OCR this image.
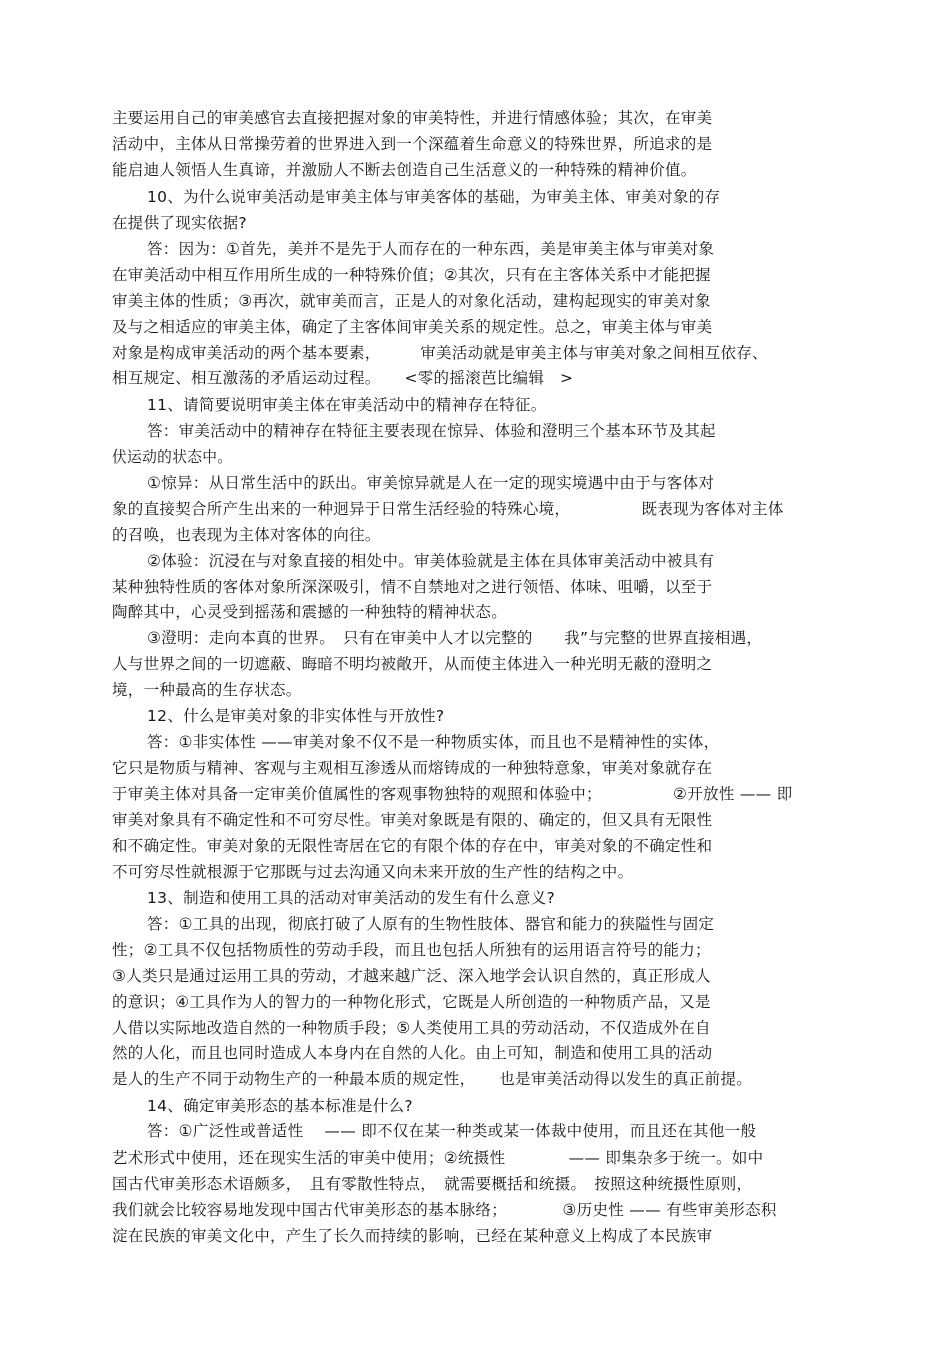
主要运用自己的审美感官去直接把握对象的审美特性，并进行情感体验；其次，在审美
活动中，主体从日常操劳着的世界进入到一个深蕴着生命意义的特殊世界，所追求的是
能启迪人领悟人生真谛，并激励人不断去创造自己生活意义的一种特殊的精神价值。
10、为什么说审美活动是审美主体与审美客体的基础，为审美主体、审美对象的存
在提供了现实依据?
答：因为：①首先，美并不是先于人而存在的一种东西，美是审美主体与审美对象
在审美活动中相互作用所生成的一种特殊价值；②其次，只有在主客体关系中才能把握
审美主体的性质；③再次，就审美而言，正是人的对象化活动，建构起现实的审美对象
及与之相适应的审美主体，确定了主客体间审美关系的规定性。总之，审美主体与审美
对象是构成审美活动的两个基本要素，　　　审美活动就是审美主体与审美对象之间相互依存、
相互规定、相互激荡的矛盾运动过程。　　<零的摇滚芭比编辑　>
11、请简要说明审美主体在审美活动中的精神存在特征。
答：审美活动中的精神存在特征主要表现在惊异、体验和澄明三个基本环节及其起
伏运动的状态中。
①惊异：从日常生活中的跃出。审美惊异就是人在一定的现实境遇中由于与客体对
象的直接契合所产生出来的一种迥异于日常生活经验的特殊心境，　　　　　既表现为客体对主体
的召唤，也表现为主体对客体的向往。
②体验：沉浸在与对象直接的相处中。审美体验就是主体在具体审美活动中被具有
某种独特性质的客体对象所深深吸引，情不自禁地对之进行领悟、体味、咀嚼，以至于
陶醉其中，心灵受到摇荡和震撼的一种独特的精神状态。
③澄明：走向本真的世界。　只有在审美中人才以完整的　　我”与完整的世界直接相遇，
人与世界之间的一切遮蔽、晦暗不明均被敞开，从而使主体进入一种光明无蔽的澄明之
境，一种最高的生存状态。
12、什么是审美对象的非实体性与开放性?
答：①非实体性 ——审美对象不仅不是一种物质实体，而且也不是精神性的实体，
它只是物质与精神、客观与主观相互渗透从而熔铸成的一种独特意象，审美对象就存在
于审美主体对具备一定审美价值属性的客观事物独特的观照和体验中；　　　　　②开放性 —— 即
审美对象具有不确定性和不可穷尽性。审美对象既是有限的、确定的，但又具有无限性
和不确定性。审美对象的无限性寄居在它的有限个体的存在中，审美对象的不确定性和
不可穷尽性就根源于它那既与过去沟通又向未来开放的生产性的结构之中。
13、制造和使用工具的活动对审美活动的发生有什么意义?
答：①工具的出现，彻底打破了人原有的生物性肢体、器官和能力的狭隘性与固定
性；②工具不仅包括物质性的劳动手段，而且也包括人所独有的运用语言符号的能力；
③人类只是通过运用工具的劳动，才越来越广泛、深入地学会认识自然的，真正形成人
的意识；④工具作为人的智力的一种物化形式，它既是人所创造的一种物质产品，又是
人借以实际地改造自然的一种物质手段；⑤人类使用工具的劳动活动，不仅造成外在自
然的人化，而且也同时造成人本身内在自然的人化。由上可知，制造和使用工具的活动
是人的生产不同于动物生产的一种最本质的规定性，　　也是审美活动得以发生的真正前提。
14、确定审美形态的基本标准是什么?
答：①广泛性或普适性 　—— 即不仅在某一种类或某一体裁中使用，而且还在其他一般
艺术形式中使用，还在现实生活的审美中使用；②统摄性　　　　—— 即集杂多于统一。如中
国古代审美形态术语颇多，　且有零散性特点，　就需要概括和统摄。　按照这种统摄性原则，
我们就会比较容易地发现中国古代审美形态的基本脉络；　　　　③历史性 —— 有些审美形态积
淀在民族的审美文化中，产生了长久而持续的影响，已经在某种意义上构成了本民族审
